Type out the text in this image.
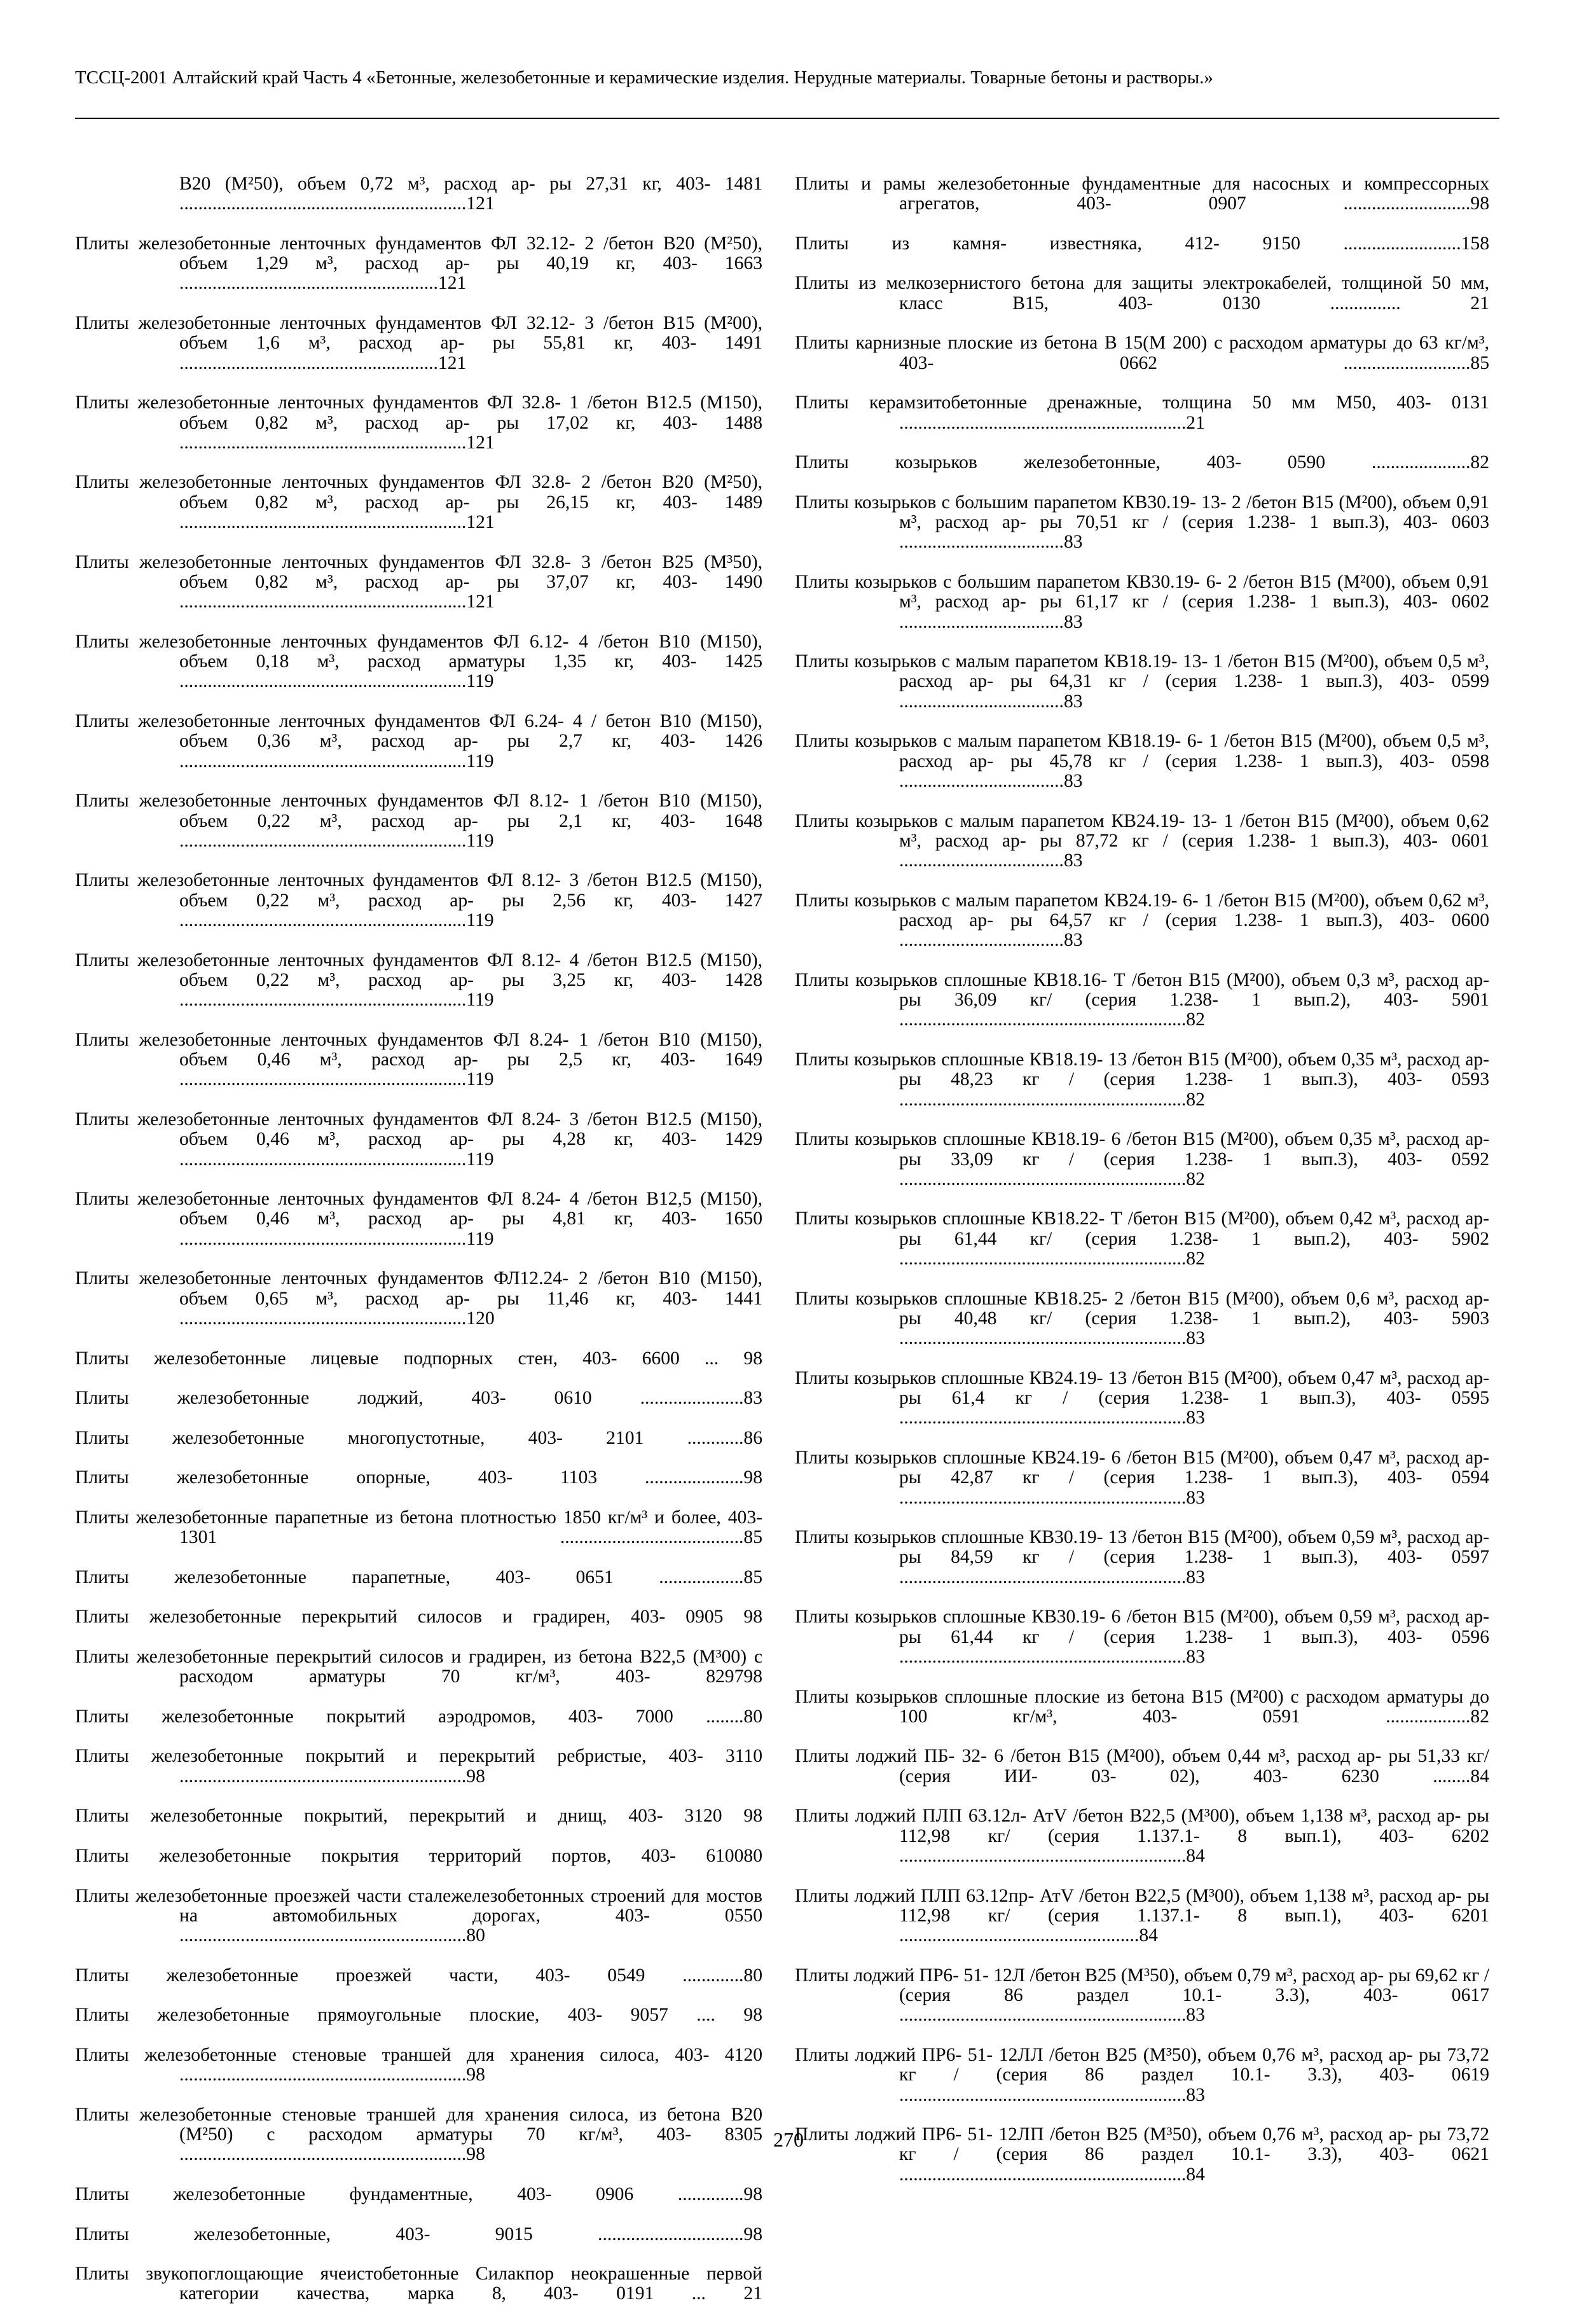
ТССЦ-2001 Алтайский край Часть 4 «Бетонные, железобетонные и керамические изделия. Нерудные материалы. Товарные бетоны и растворы.»
B20 (M²50), объем 0,72 м³, расход ар- ры 27,31 кг, 403- 1481 .............................................................121
Плиты железобетонные ленточных фундаментов ФЛ 32.12- 2 /бетон В20 (М²50), объем 1,29 м³, расход ар- ры 40,19 кг, 403- 1663 .......................................................121
Плиты железобетонные ленточных фундаментов ФЛ 32.12- 3 /бетон В15 (М²00), объем 1,6 м³, расход ар- ры 55,81 кг, 403- 1491 .......................................................121
Плиты железобетонные ленточных фундаментов ФЛ 32.8- 1 /бетон B12.5 (M150), объем 0,82 м³, расход ар- ры 17,02 кг, 403- 1488 .............................................................121
Плиты железобетонные ленточных фундаментов ФЛ 32.8- 2 /бетон B20 (M²50), объем 0,82 м³, расход ар- ры 26,15 кг, 403- 1489 .............................................................121
Плиты железобетонные ленточных фундаментов ФЛ 32.8- 3 /бетон B25 (M³50), объем 0,82 м³, расход ар- ры 37,07 кг, 403- 1490 .............................................................121
Плиты железобетонные ленточных фундаментов ФЛ 6.12- 4 /бетон B10 (M150), объем 0,18 м³, расход арматуры 1,35 кг, 403- 1425 .............................................................119
Плиты железобетонные ленточных фундаментов ФЛ 6.24- 4 / бетон B10 (M150), объем 0,36 м³, расход ар- ры 2,7 кг, 403- 1426 .............................................................119
Плиты железобетонные ленточных фундаментов ФЛ 8.12- 1 /бетон B10 (M150), объем 0,22 м³, расход ар- ры 2,1 кг, 403- 1648 .............................................................119
Плиты железобетонные ленточных фундаментов ФЛ 8.12- 3 /бетон B12.5 (M150), объем 0,22 м³, расход ар- ры 2,56 кг, 403- 1427 .............................................................119
Плиты железобетонные ленточных фундаментов ФЛ 8.12- 4 /бетон B12.5 (M150), объем 0,22 м³, расход ар- ры 3,25 кг, 403- 1428 .............................................................119
Плиты железобетонные ленточных фундаментов ФЛ 8.24- 1 /бетон B10 (M150), объем 0,46 м³, расход ар- ры 2,5 кг, 403- 1649 .............................................................119
Плиты железобетонные ленточных фундаментов ФЛ 8.24- 3 /бетон B12.5 (M150), объем 0,46 м³, расход ар- ры 4,28 кг, 403- 1429 .............................................................119
Плиты железобетонные ленточных фундаментов ФЛ 8.24- 4 /бетон B12,5 (M150), объем 0,46 м³, расход ар- ры 4,81 кг, 403- 1650 .............................................................119
Плиты железобетонные ленточных фундаментов ФЛ12.24- 2 /бетон B10 (M150), объем 0,65 м³, расход ар- ры 11,46 кг, 403- 1441 .............................................................120
Плиты железобетонные лицевые подпорных стен, 403- 6600 ... 98
Плиты железобетонные лоджий, 403- 0610 ......................83
Плиты железобетонные многопустотные, 403- 2101 ............86
Плиты железобетонные опорные, 403- 1103 .....................98
Плиты железобетонные парапетные из бетона плотностью 1850 кг/м³ и более, 403- 1301 .......................................85
Плиты железобетонные парапетные, 403- 0651 ..................85
Плиты железобетонные перекрытий силосов и градирен, 403- 0905 98
Плиты железобетонные перекрытий силосов и градирен, из бетона В22,5 (М³00) с расходом арматуры 70 кг/м³, 403- 829798
Плиты железобетонные покрытий аэродромов, 403- 7000 ........80
Плиты железобетонные покрытий и перекрытий ребристые, 403- 3110 .............................................................98
Плиты железобетонные покрытий, перекрытий и днищ, 403- 3120 98
Плиты железобетонные покрытия территорий портов, 403- 610080
Плиты железобетонные проезжей части сталежелезобетонных строений для мостов на автомобильных дорогах, 403- 0550 .............................................................80
Плиты железобетонные проезжей части, 403- 0549 .............80
Плиты железобетонные прямоугольные плоские, 403- 9057 .... 98
Плиты железобетонные стеновые траншей для хранения силоса, 403- 4120 .............................................................98
Плиты железобетонные стеновые траншей для хранения силоса, из бетона В20 (М²50) с расходом арматуры 70 кг/м³, 403- 8305 .............................................................98
Плиты железобетонные фундаментные, 403- 0906 ..............98
Плиты железобетонные, 403- 9015 ...............................98
Плиты звукопоглощающие ячеистобетонные Силакпор неокрашенные первой категории качества, марка 8, 403- 0191 ... 21
Плиты и рамы железобетонные фундаментные для насосных и компрессорных агрегатов, 403- 0907 ...........................98
Плиты из камня- известняка, 412- 9150 .........................158
Плиты из мелкозернистого бетона для защиты электрокабелей, толщиной 50 мм, класс В15, 403- 0130 ............... 21
Плиты карнизные плоские из бетона В 15(М 200) с расходом арматуры до 63 кг/м³, 403- 0662 ...........................85
Плиты керамзитобетонные дренажные, толщина 50 мм М50, 403- 0131 .............................................................21
Плиты козырьков железобетонные, 403- 0590 .....................82
Плиты козырьков с большим парапетом КВ30.19- 13- 2 /бетон B15 (M²00), объем 0,91 м³, расход ар- ры 70,51 кг / (серия 1.238- 1 вып.3), 403- 0603 ...................................83
Плиты козырьков с большим парапетом КВ30.19- 6- 2 /бетон B15 (M²00), объем 0,91 м³, расход ар- ры 61,17 кг / (серия 1.238- 1 вып.3), 403- 0602 ...................................83
Плиты козырьков с малым парапетом КВ18.19- 13- 1 /бетон B15 (M²00), объем 0,5 м³, расход ар- ры 64,31 кг / (серия 1.238- 1 вып.3), 403- 0599 ...................................83
Плиты козырьков с малым парапетом КВ18.19- 6- 1 /бетон B15 (M²00), объем 0,5 м³, расход ар- ры 45,78 кг / (серия 1.238- 1 вып.3), 403- 0598 ...................................83
Плиты козырьков с малым парапетом КВ24.19- 13- 1 /бетон B15 (M²00), объем 0,62 м³, расход ар- ры 87,72 кг / (серия 1.238- 1 вып.3), 403- 0601 ...................................83
Плиты козырьков с малым парапетом КВ24.19- 6- 1 /бетон B15 (M²00), объем 0,62 м³, расход ар- ры 64,57 кг / (серия 1.238- 1 вып.3), 403- 0600 ...................................83
Плиты козырьков сплошные КВ18.16- Т /бетон В15 (М²00), объем 0,3 м³, расход ар- ры 36,09 кг/ (серия 1.238- 1 вып.2), 403- 5901 .............................................................82
Плиты козырьков сплошные КВ18.19- 13 /бетон В15 (М²00), объем 0,35 м³, расход ар- ры 48,23 кг / (серия 1.238- 1 вып.3), 403- 0593 .............................................................82
Плиты козырьков сплошные КВ18.19- 6 /бетон В15 (М²00), объем 0,35 м³, расход ар- ры 33,09 кг / (серия 1.238- 1 вып.3), 403- 0592 .............................................................82
Плиты козырьков сплошные КВ18.22- Т /бетон В15 (М²00), объем 0,42 м³, расход ар- ры 61,44 кг/ (серия 1.238- 1 вып.2), 403- 5902 .............................................................82
Плиты козырьков сплошные КВ18.25- 2 /бетон В15 (М²00), объем 0,6 м³, расход ар- ры 40,48 кг/ (серия 1.238- 1 вып.2), 403- 5903 .............................................................83
Плиты козырьков сплошные КВ24.19- 13 /бетон В15 (М²00), объем 0,47 м³, расход ар- ры 61,4 кг / (серия 1.238- 1 вып.3), 403- 0595 .............................................................83
Плиты козырьков сплошные КВ24.19- 6 /бетон В15 (М²00), объем 0,47 м³, расход ар- ры 42,87 кг / (серия 1.238- 1 вып.3), 403- 0594 .............................................................83
Плиты козырьков сплошные КВ30.19- 13 /бетон В15 (М²00), объем 0,59 м³, расход ар- ры 84,59 кг / (серия 1.238- 1 вып.3), 403- 0597 .............................................................83
Плиты козырьков сплошные КВ30.19- 6 /бетон В15 (М²00), объем 0,59 м³, расход ар- ры 61,44 кг / (серия 1.238- 1 вып.3), 403- 0596 .............................................................83
Плиты козырьков сплошные плоские из бетона В15 (М²00) с расходом арматуры до 100 кг/м³, 403- 0591 ..................82
Плиты лоджий ПБ- 32- 6 /бетон В15 (М²00), объем 0,44 м³, расход ар- ры 51,33 кг/ (серия ИИ- 03- 02), 403- 6230 ........84
Плиты лоджий ПЛП 63.12л- АтV /бетон В22,5 (М³00), объем 1,138 м³, расход ар- ры 112,98 кг/ (серия 1.137.1- 8 вып.1), 403- 6202 .............................................................84
Плиты лоджий ПЛП 63.12пр- АтV /бетон В22,5 (М³00), объем 1,138 м³, расход ар- ры 112,98 кг/ (серия 1.137.1- 8 вып.1), 403- 6201 ...................................................84
Плиты лоджий ПР6- 51- 12Л /бетон В25 (М³50), объем 0,79 м³, расход ар- ры 69,62 кг / (серия 86 раздел 10.1- 3.3), 403- 0617 .............................................................83
Плиты лоджий ПР6- 51- 12ЛЛ /бетон В25 (М³50), объем 0,76 м³, расход ар- ры 73,72 кг / (серия 86 раздел 10.1- 3.3), 403- 0619 .............................................................83
Плиты лоджий ПР6- 51- 12ЛП /бетон В25 (М³50), объем 0,76 м³, расход ар- ры 73,72 кг / (серия 86 раздел 10.1- 3.3), 403- 0621 .............................................................84
270
